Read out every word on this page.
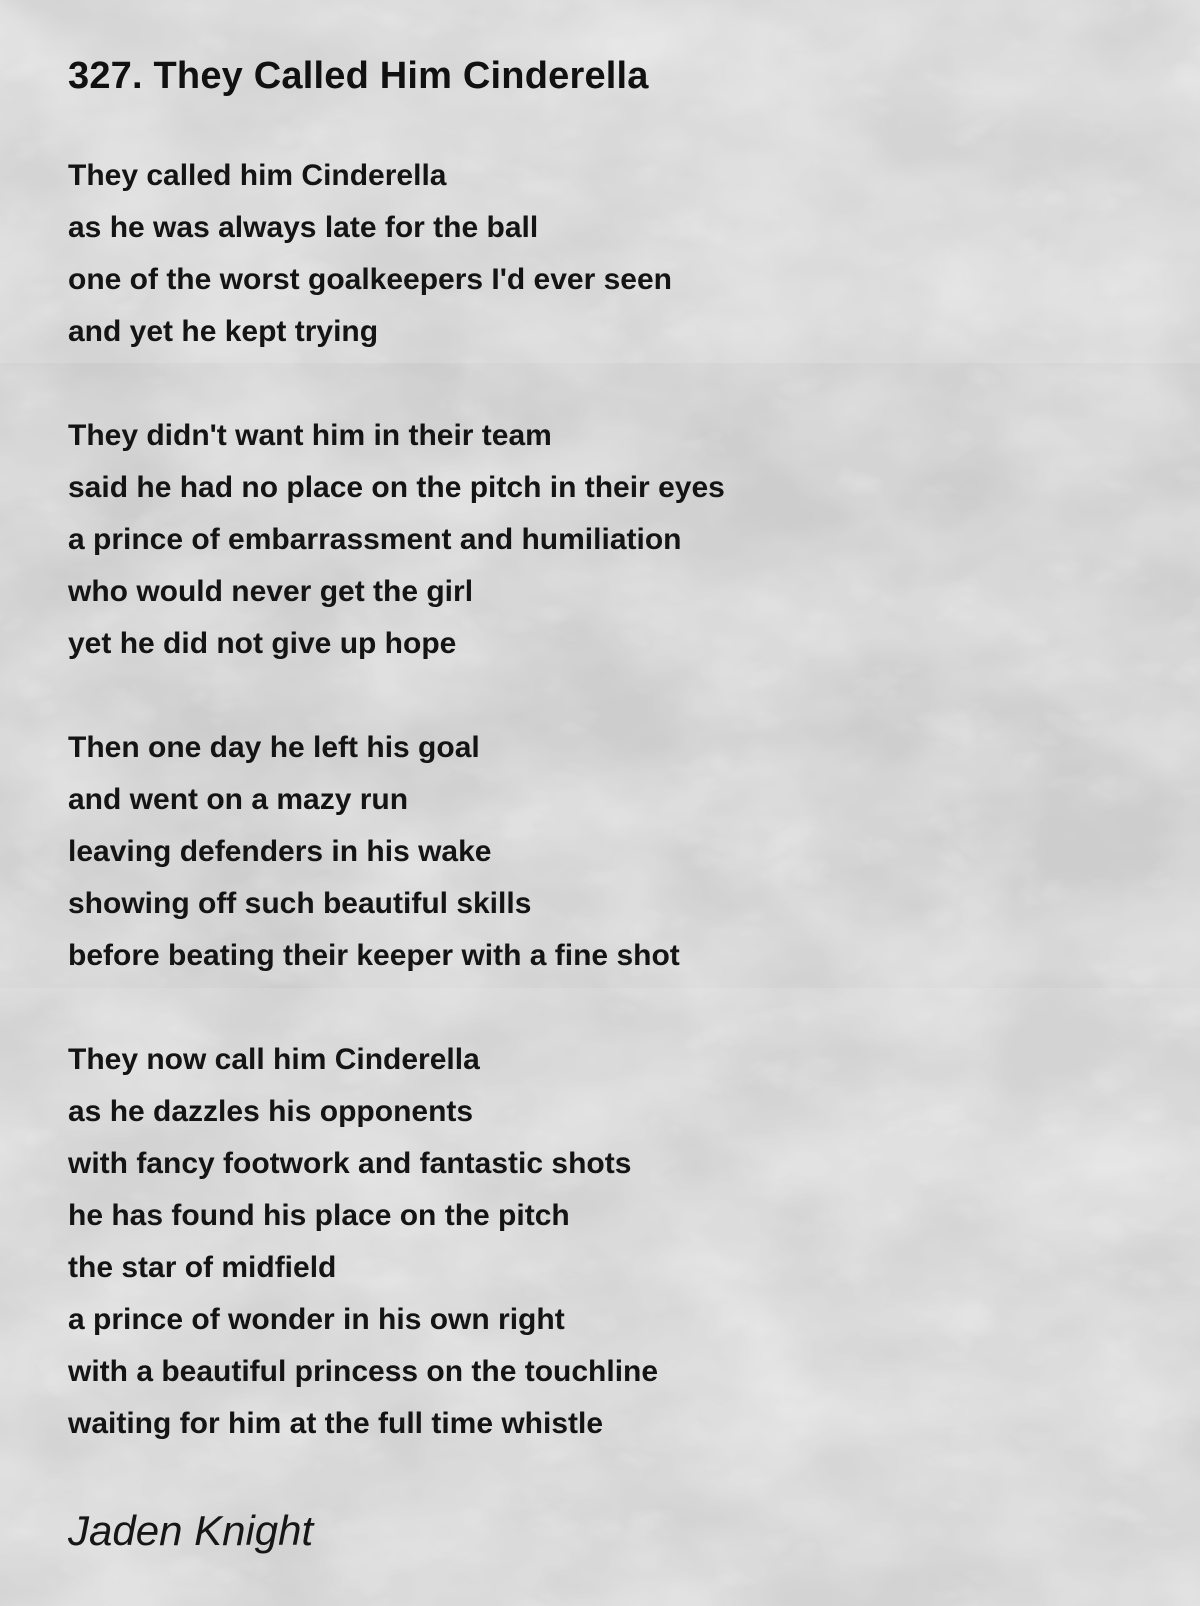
327. They Called Him Cinderella
They called him Cinderella
as he was always late for the ball
one of the worst goalkeepers I'd ever seen
and yet he kept trying
They didn't want him in their team
said he had no place on the pitch in their eyes
a prince of embarrassment and humiliation
who would never get the girl
yet he did not give up hope
Then one day he left his goal
and went on a mazy run
leaving defenders in his wake
showing off such beautiful skills
before beating their keeper with a fine shot
They now call him Cinderella
as he dazzles his opponents
with fancy footwork and fantastic shots
he has found his place on the pitch
the star of midfield
a prince of wonder in his own right
with a beautiful princess on the touchline
waiting for him at the full time whistle

Jaden Knight
